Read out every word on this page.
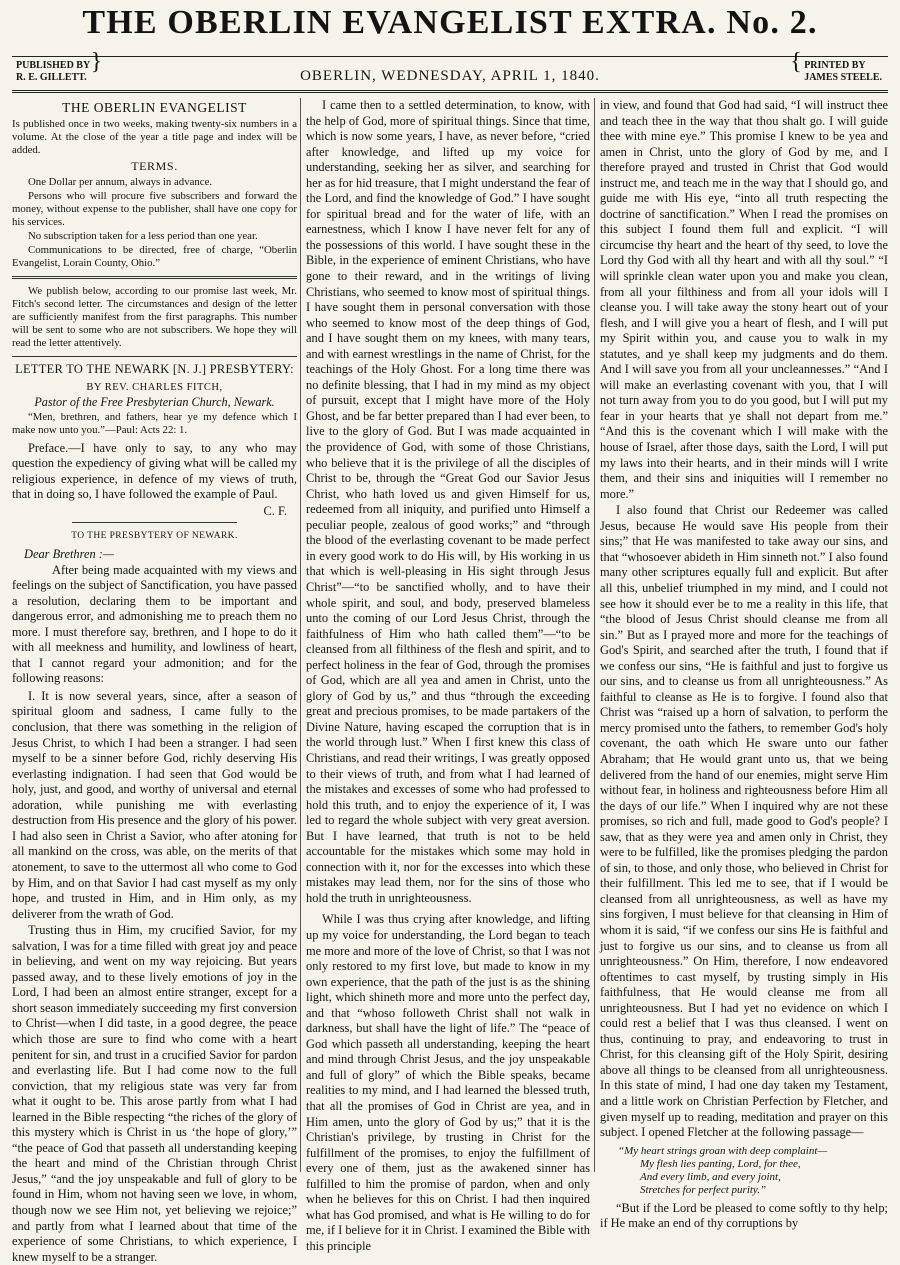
THE OBERLIN EVANGELIST EXTRA. No. 2.
PUBLISHED BY
R. E. GILLETT.
}
OBERLIN, WEDNESDAY, APRIL 1, 1840.
{ PRINTED BY
JAMES STEELE.
THE OBERLIN EVANGELIST

Is published once in two weeks, making twenty-six numbers in a volume. At the close of the year a title page and index will be added.

TERMS.

One Dollar per annum, always in advance.

Persons who will procure five subscribers and forward the money, without expense to the publisher, shall have one copy for his services.

No subscription taken for a less period than one year.

Communications to be directed, free of charge, “Oberlin Evangelist, Lorain County, Ohio.”

We publish below, according to our promise last week, Mr. Fitch's second letter. The circumstances and design of the letter are sufficiently manifest from the first paragraphs. This number will be sent to some who are not subscribers. We hope they will read the letter attentively.

LETTER TO THE NEWARK [N. J.] PRESBYTERY:
BY REV. CHARLES FITCH,
Pastor of the Free Presbyterian Church, Newark.

“Men, brethren, and fathers, hear ye my defence which I make now unto you.”—Paul: Acts 22: 1.

Preface.—I have only to say, to any who may question the expediency of giving what will be called my religious experience, in defence of my views of truth, that in doing so, I have followed the example of Paul.

C. F.
TO THE PRESBYTERY OF NEWARK.
Dear Brethren :—

After being made acquainted with my views and feelings on the subject of Sanctification, you have passed a resolution, declaring them to be important and dangerous error, and admonishing me to preach them no more. I must therefore say, brethren, and I hope to do it with all meekness and humility, and lowliness of heart, that I cannot regard your admonition; and for the following reasons:

I. It is now several years, since, after a season of spiritual gloom and sadness, I came fully to the conclusion, that there was something in the religion of Jesus Christ, to which I had been a stranger. I had seen myself to be a sinner before God, richly deserving His everlasting indignation. I had seen that God would be holy, just, and good, and worthy of universal and eternal adoration, while punishing me with everlasting destruction from His presence and the glory of his power. I had also seen in Christ a Savior, who after atoning for all mankind on the cross, was able, on the merits of that atonement, to save to the uttermost all who come to God by Him, and on that Savior I had cast myself as my only hope, and trusted in Him, and in Him only, as my deliverer from the wrath of God.

Trusting thus in Him, my crucified Savior, for my salvation, I was for a time filled with great joy and peace in believing, and went on my way rejoicing. But years passed away, and to these lively emotions of joy in the Lord, I had been an almost entire stranger, except for a short season immediately succeeding my first conversion to Christ—when I did taste, in a good degree, the peace which those are sure to find who come with a heart penitent for sin, and trust in a crucified Savior for pardon and everlasting life. But I had come now to the full conviction, that my religious state was very far from what it ought to be. This arose partly from what I had learned in the Bible respecting “the riches of the glory of this mystery which is Christ in us ‘the hope of glory,’” “the peace of God that passeth all understanding keeping the heart and mind of the Christian through Christ Jesus,” “and the joy unspeakable and full of glory to be found in Him, whom not having seen we love, in whom, though now we see Him not, yet believing we rejoice;” and partly from what I learned about that time of the experience of some Christians, to which experience, I knew myself to be a stranger.

I came then to a settled determination, to know, with the help of God, more of spiritual things. Since that time, which is now some years, I have, as never before, “cried after knowledge, and lifted up my voice for understanding, seeking her as silver, and searching for her as for hid treasure, that I might understand the fear of the Lord, and find the knowledge of God.” I have sought for spiritual bread and for the water of life, with an earnestness, which I know I have never felt for any of the possessions of this world. I have sought these in the Bible, in the experience of eminent Christians, who have gone to their reward, and in the writings of living Christians, who seemed to know most of spiritual things. I have sought them in personal conversation with those who seemed to know most of the deep things of God, and I have sought them on my knees, with many tears, and with earnest wrestlings in the name of Christ, for the teachings of the Holy Ghost. For a long time there was no definite blessing, that I had in my mind as my object of pursuit, except that I might have more of the Holy Ghost, and be far better prepared than I had ever been, to live to the glory of God. But I was made acquainted in the providence of God, with some of those Christians, who believe that it is the privilege of all the disciples of Christ to be, through the “Great God our Savior Jesus Christ, who hath loved us and given Himself for us, redeemed from all iniquity, and purified unto Himself a peculiar people, zealous of good works;” and “through the blood of the everlasting covenant to be made perfect in every good work to do His will, by His working in us that which is well-pleasing in His sight through Jesus Christ”—“to be sanctified wholly, and to have their whole spirit, and soul, and body, preserved blameless unto the coming of our Lord Jesus Christ, through the faithfulness of Him who hath called them”—“to be cleansed from all filthiness of the flesh and spirit, and to perfect holiness in the fear of God, through the promises of God, which are all yea and amen in Christ, unto the glory of God by us,” and thus “through the exceeding great and precious promises, to be made partakers of the Divine Nature, having escaped the corruption that is in the world through lust.” When I first knew this class of Christians, and read their writings, I was greatly opposed to their views of truth, and from what I had learned of the mistakes and excesses of some who had professed to hold this truth, and to enjoy the experience of it, I was led to regard the whole subject with very great aversion. But I have learned, that truth is not to be held accountable for the mistakes which some may hold in connection with it, nor for the excesses into which these mistakes may lead them, nor for the sins of those who hold the truth in unrighteousness.

While I was thus crying after knowledge, and lifting up my voice for understanding, the Lord began to teach me more and more of the love of Christ, so that I was not only restored to my first love, but made to know in my own experience, that the path of the just is as the shining light, which shineth more and more unto the perfect day, and that “whoso followeth Christ shall not walk in darkness, but shall have the light of life.” The “peace of God which passeth all understanding, keeping the heart and mind through Christ Jesus, and the joy unspeakable and full of glory” of which the Bible speaks, became realities to my mind, and I had learned the blessed truth, that all the promises of God in Christ are yea, and in Him amen, unto the glory of God by us;” that it is the Christian's privilege, by trusting in Christ for the fulfillment of the promises, to enjoy the fulfillment of every one of them, just as the awakened sinner has fulfilled to him the promise of pardon, when and only when he believes for this on Christ. I had then inquired what has God promised, and what is He willing to do for me, if I believe for it in Christ. I examined the Bible with this principle

in view, and found that God had said, “I will instruct thee and teach thee in the way that thou shalt go. I will guide thee with mine eye.” This promise I knew to be yea and amen in Christ, unto the glory of God by me, and I therefore prayed and trusted in Christ that God would instruct me, and teach me in the way that I should go, and guide me with His eye, “into all truth respecting the doctrine of sanctification.” When I read the promises on this subject I found them full and explicit. “I will circumcise thy heart and the heart of thy seed, to love the Lord thy God with all thy heart and with all thy soul.” “I will sprinkle clean water upon you and make you clean, from all your filthiness and from all your idols will I cleanse you. I will take away the stony heart out of your flesh, and I will give you a heart of flesh, and I will put my Spirit within you, and cause you to walk in my statutes, and ye shall keep my judgments and do them. And I will save you from all your uncleannesses.” “And I will make an everlasting covenant with you, that I will not turn away from you to do you good, but I will put my fear in your hearts that ye shall not depart from me.” “And this is the covenant which I will make with the house of Israel, after those days, saith the Lord, I will put my laws into their hearts, and in their minds will I write them, and their sins and iniquities will I remember no more.”

I also found that Christ our Redeemer was called Jesus, because He would save His people from their sins;” that He was manifested to take away our sins, and that “whosoever abideth in Him sinneth not.” I also found many other scriptures equally full and explicit. But after all this, unbelief triumphed in my mind, and I could not see how it should ever be to me a reality in this life, that “the blood of Jesus Christ should cleanse me from all sin.” But as I prayed more and more for the teachings of God's Spirit, and searched after the truth, I found that if we confess our sins, “He is faithful and just to forgive us our sins, and to cleanse us from all unrighteousness.” As faithful to cleanse as He is to forgive. I found also that Christ was “raised up a horn of salvation, to perform the mercy promised unto the fathers, to remember God's holy covenant, the oath which He sware unto our father Abraham; that He would grant unto us, that we being delivered from the hand of our enemies, might serve Him without fear, in holiness and righteousness before Him all the days of our life.” When I inquired why are not these promises, so rich and full, made good to God's people? I saw, that as they were yea and amen only in Christ, they were to be fulfilled, like the promises pledging the pardon of sin, to those, and only those, who believed in Christ for their fulfillment. This led me to see, that if I would be cleansed from all unrighteousness, as well as have my sins forgiven, I must believe for that cleansing in Him of whom it is said, “if we confess our sins He is faithful and just to forgive us our sins, and to cleanse us from all unrighteousness.” On Him, therefore, I now endeavored oftentimes to cast myself, by trusting simply in His faithfulness, that He would cleanse me from all unrighteousness. But I had yet no evidence on which I could rest a belief that I was thus cleansed. I went on thus, continuing to pray, and endeavoring to trust in Christ, for this cleansing gift of the Holy Spirit, desiring above all things to be cleansed from all unrighteousness. In this state of mind, I had one day taken my Testament, and a little work on Christian Perfection by Fletcher, and given myself up to reading, meditation and prayer on this subject. I opened Fletcher at the following passage—

“My heart strings groan with deep complaint—
My flesh lies panting, Lord, for thee,
And every limb, and every joint,
Stretches for perfect purity.”

“But if the Lord be pleased to come softly to thy help; if He make an end of thy corruptions by
